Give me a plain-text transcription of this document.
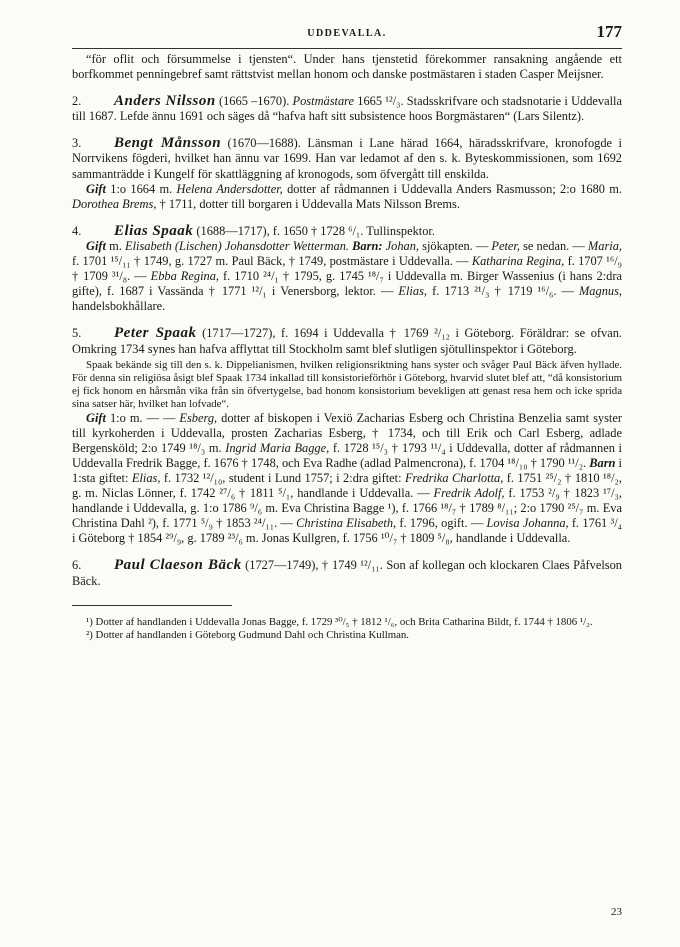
UDDEVALLA.	177

“för oflit och försummelse i tjensten“. Under hans tjenstetid förekommer ransakning angående ett borfkommet penningebref samt rättstvist mellan honom och danske postmästaren i staden Casper Meijsner.

2. Anders Nilsson (1665 –1670). Postmästare 1665 ¹²/₃. Stadsskrifvare och stadsnotarie i Uddevalla till 1687. Lefde ännu 1691 och säges då “hafva haft sitt subsistence hoos Borgmästaren“ (Lars Silentz).

3. Bengt Månsson (1670—1688). Länsman i Lane härad 1664, häradsskrifvare, kronofogde i Norrvikens fögderi, hvilket han ännu var 1699. Han var ledamot af den s. k. Byteskommissionen, som 1692 sammanträdde i Kungelf för skattläggning af kronogods, som öfvergått till enskilda.

Gift 1:o 1664 m. Helena Andersdotter, dotter af rådmannen i Uddevalla Anders Rasmusson; 2:o 1680 m. Dorothea Brems, † 1711, dotter till borgaren i Uddevalla Mats Nilsson Brems.

4. Elias Spaak (1688—1717), f. 1650 † 1728 ⁶/₁. Tullinspektor.

Gift m. Elisabeth (Lischen) Johansdotter Wetterman. Barn: Johan, sjökapten. — Peter, se nedan. — Maria, f. 1701 ¹⁵/₁₁ † 1749, g. 1727 m. Paul Bäck, † 1749, postmästare i Uddevalla. — Katharina Regina, f. 1707 ¹⁶/₉ † 1709 ³¹/₈. — Ebba Regina, f. 1710 ²⁴/₁ † 1795, g. 1745 ¹⁸/₇ i Uddevalla m. Birger Wassenius (i hans 2:dra gifte), f. 1687 i Vassända † 1771 ¹²/₁ i Venersborg, lektor. — Elias, f. 1713 ²¹/₃ † 1719 ¹⁶/₆. — Magnus, handelsbokhållare.

5. Peter Spaak (1717—1727), f. 1694 i Uddevalla † 1769 ²/₁₂ i Göteborg. Föräldrar: se ofvan. Omkring 1734 synes han hafva afflyttat till Stockholm samt blef slutligen sjötullinspektor i Göteborg.

Spaak bekände sig till den s. k. Dippelianismen, hvilken religionsriktning hans syster och svåger Paul Bäck äfven hyllade. För denna sin religiösa åsigt blef Spaak 1734 inkallad till konsistorieförhör i Göteborg, hvarvid slutet blef att, “då konsistorium ej fick honom en hårsmån vika från sin öfvertygelse, bad honom konsistorium bevekligen att genast resa hem och icke sprida sina satser här, hvilket han lofvade“.

Gift 1:o m. — — Esberg, dotter af biskopen i Vexiö Zacharias Esberg och Christina Benzelia samt syster till kyrkoherden i Uddevalla, prosten Zacharias Esberg, † 1734, och till Erik och Carl Esberg, adlade Bergensköld; 2:o 1749 ¹⁸/₃ m. Ingrid Maria Bagge, f. 1728 ¹⁵/₃ † 1793 ¹¹/₄ i Uddevalla, dotter af rådmannen i Uddevalla Fredrik Bagge, f. 1676 † 1748, och Eva Radhe (adlad Palmencrona), f. 1704 ¹⁸/₁₀ † 1790 ¹¹/₂. Barn i 1:sta giftet: Elias, f. 1732 ¹²/₁₀, student i Lund 1757; i 2:dra giftet: Fredrika Charlotta, f. 1751 ²⁵/₂ † 1810 ¹⁸/₂, g. m. Niclas Lönner, f. 1742 ²⁷/₆ † 1811 ⁵/₁, handlande i Uddevalla. — Fredrik Adolf, f. 1753 ²/₉ † 1823 ¹⁷/₃, handlande i Uddevalla, g. 1:o 1786 ⁹/₆ m. Eva Christina Bagge ¹), f. 1766 ¹⁸/₇ † 1789 ⁸/₁₁; 2:o 1790 ²⁵/₇ m. Eva Christina Dahl ²), f. 1771 ⁵/₉ † 1853 ²⁴/₁₁. — Christina Elisabeth, f. 1796, ogift. — Lovisa Johanna, f. 1761 ³/₄ i Göteborg † 1854 ²⁹/₉, g. 1789 ²³/₆ m. Jonas Kullgren, f. 1756 ¹⁰/₇ † 1809 ⁵/₈, handlande i Uddevalla.

6. Paul Claeson Bäck (1727—1749), † 1749 ¹²/₁₁. Son af kollegan och klockaren Claes Påfvelson Bäck.

¹) Dotter af handlanden i Uddevalla Jonas Bagge, f. 1729 ³⁰/₅ † 1812 ¹/₆, och Brita Catharina Bildt, f. 1744 † 1806 ¹/₂.

²) Dotter af handlanden i Göteborg Gudmund Dahl och Christina Kullman.

23
